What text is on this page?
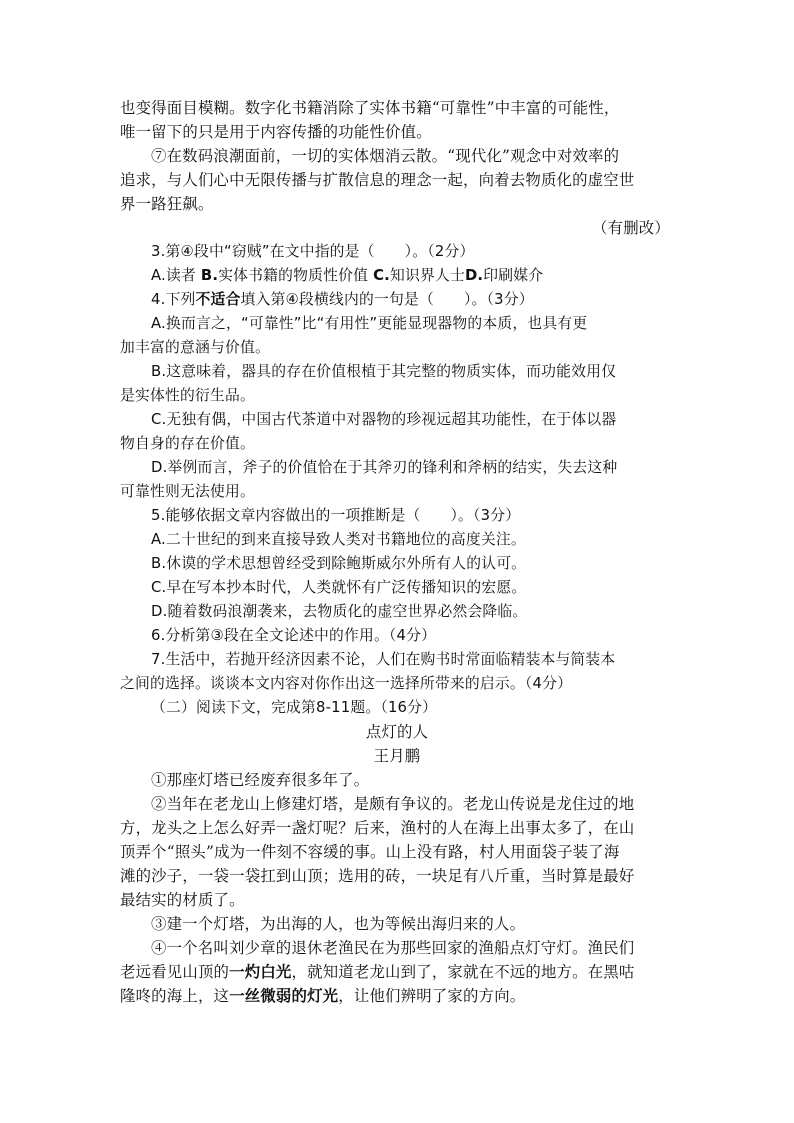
也变得面目模糊。数字化书籍消除了实体书籍“可靠性”中丰富的可能性，
唯一留下的只是用于内容传播的功能性价值。
⑦在数码浪潮面前，一切的实体烟消云散。“现代化”观念中对效率的
追求，与人们心中无限传播与扩散信息的理念一起，向着去物质化的虚空世
界一路狂飙。
（有删改）
3.第④段中“窃贼”在文中指的是（　　）。（2分）
A.读者 B.实体书籍的物质性价值 C.知识界人士D.印刷媒介
4.下列不适合填入第④段横线内的一句是（　　）。（3分）
A.换而言之，“可靠性”比“有用性”更能显现器物的本质，也具有更
加丰富的意涵与价值。
B.这意味着，器具的存在价值根植于其完整的物质实体，而功能效用仅
是实体性的衍生品。
C.无独有偶，中国古代茶道中对器物的珍视远超其功能性，在于体以器
物自身的存在价值。
D.举例而言，斧子的价值恰在于其斧刃的锋利和斧柄的结实，失去这种
可靠性则无法使用。
5.能够依据文章内容做出的一项推断是（　　）。（3分）
A.二十世纪的到来直接导致人类对书籍地位的高度关注。
B.休谟的学术思想曾经受到除鲍斯威尔外所有人的认可。
C.早在写本抄本时代，人类就怀有广泛传播知识的宏愿。
D.随着数码浪潮袭来，去物质化的虚空世界必然会降临。
6.分析第③段在全文论述中的作用。（4分）
7.生活中，若抛开经济因素不论，人们在购书时常面临精装本与简装本
之间的选择。谈谈本文内容对你作出这一选择所带来的启示。（4分）
（二）阅读下文，完成第8-11题。（16分）
点灯的人
王月鹏
①那座灯塔已经废弃很多年了。
②当年在老龙山上修建灯塔，是颇有争议的。老龙山传说是龙住过的地
方，龙头之上怎么好弄一盏灯呢？后来，渔村的人在海上出事太多了，在山
顶弄个“照头”成为一件刻不容缓的事。山上没有路，村人用面袋子装了海
滩的沙子，一袋一袋扛到山顶；选用的砖，一块足有八斤重，当时算是最好
最结实的材质了。
③建一个灯塔，为出海的人，也为等候出海归来的人。
④一个名叫刘少章的退休老渔民在为那些回家的渔船点灯守灯。渔民们
老远看见山顶的一灼白光，就知道老龙山到了，家就在不远的地方。在黑咕
隆咚的海上，这一丝微弱的灯光，让他们辨明了家的方向。
